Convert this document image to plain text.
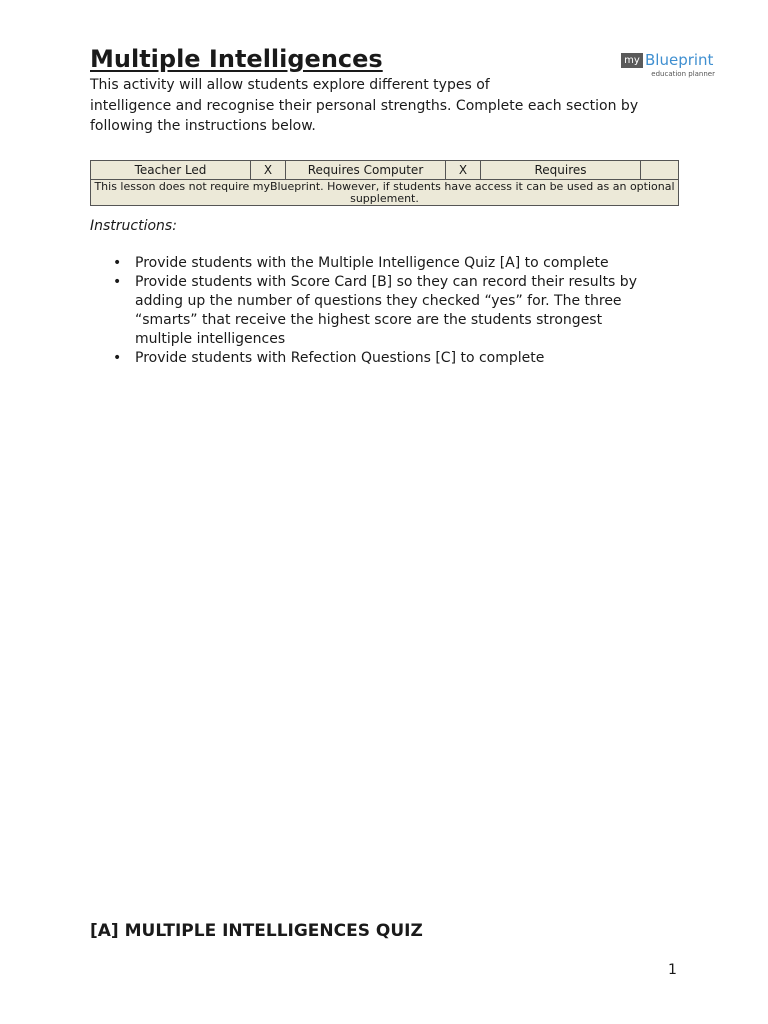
Multiple Intelligences	my Blueprint
education planner

This activity will allow students explore different types of
intelligence and recognise their personal strengths. Complete each section by
following the instructions below.

Teacher Led	X	Requires Computer	X	Requires	
This lesson does not require myBlueprint. However, if students have access it can be used as an optional supplement.

Instructions:

• Provide students with the Multiple Intelligence Quiz [A] to complete
• Provide students with Score Card [B] so they can record their results by
adding up the number of questions they checked “yes” for. The three
“smarts” that receive the highest score are the students strongest
multiple intelligences
• Provide students with Refection Questions [C] to complete
[A] MULTIPLE INTELLIGENCES QUIZ
1
